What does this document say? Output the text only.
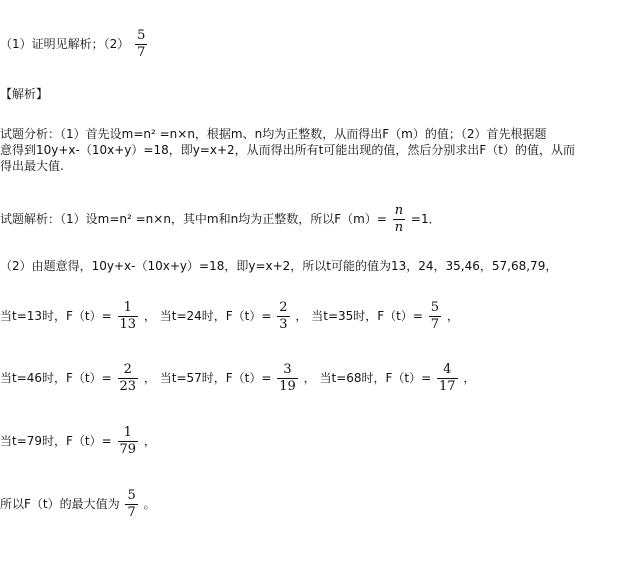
（1）证明见解析；$(2) \frac{5}{7}$
【解析】
试题分析：（1）首先设m=n² =n×n，根据m、n均为正整数，从而得出F（m）的值；（2）首先根据题
意得到10y+x-（10x+y）=18，即y=x+2，从而得出所有t可能出现的值，然后分别求出F（t）的值，从而
得出最大值.
试题解析：（1）设m=n² =n×n，其中m和n均为正整数，所以$F(m)= \frac{n}{n} =1$．
（2）由题意得，10y+x-（10x+y）=18，即y=x+2，所以t可能的值为13，24，35,46，57,68,79，
当t=13时，$F(t)= \frac{1}{13}$ ， 当t=24时，$F(t)= \frac{2}{3}$ ， 当t=35时，$F(t)= \frac{5}{7}$ ，
当t=46时，$F(t)= \frac{2}{23}$ ， 当t=57时，$F(t)= \frac{3}{19}$ ， 当t=68时，$F(t)= \frac{4}{17}$ ，
当t=79时，$F(t)= \frac{1}{79}$ ，
所以F（t）的最大值为 $\frac{5}{7}$ 。
